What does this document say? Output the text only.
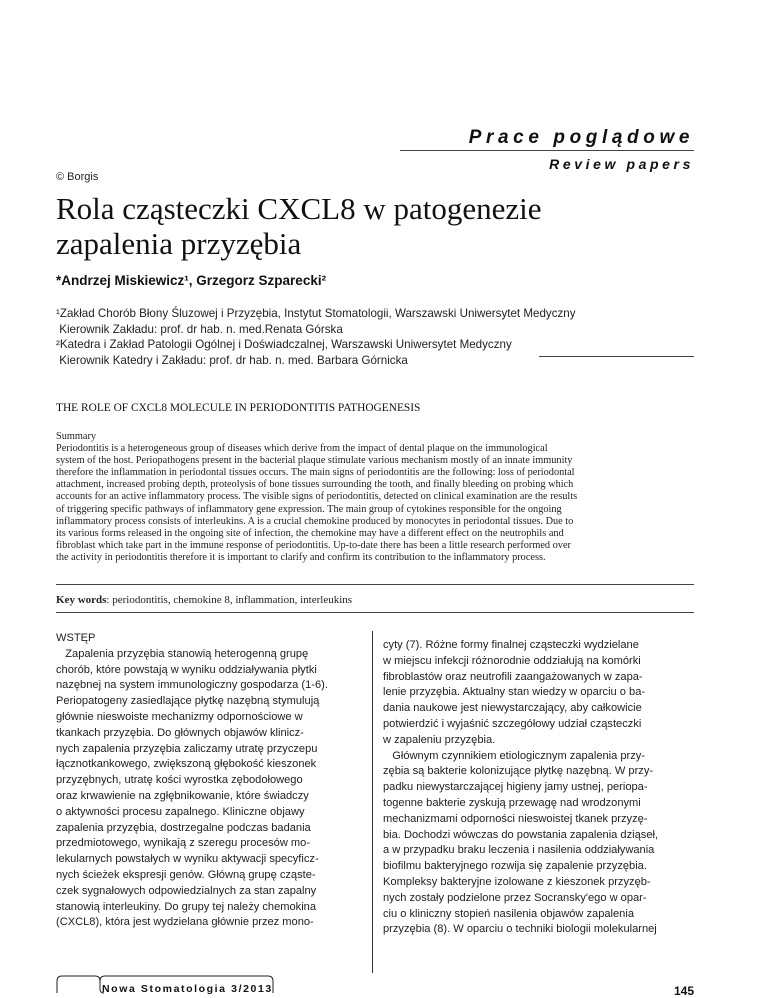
Prace poglądowe
Review papers
© Borgis
Rola cząsteczki CXCL8 w patogenezie
zapalenia przyzębia
*Andrzej Miskiewicz¹, Grzegorz Szparecki²
¹Zakład Chorób Błony Śluzowej i Przyzębia, Instytut Stomatologii, Warszawski Uniwersytet Medyczny
Kierownik Zakładu: prof. dr hab. n. med.Renata Górska
²Katedra i Zakład Patologii Ogólnej i Doświadczalnej, Warszawski Uniwersytet Medyczny
Kierownik Katedry i Zakładu: prof. dr hab. n. med. Barbara Górnicka
THE ROLE OF CXCL8 MOLECULE IN PERIODONTITIS PATHOGENESIS
Summary
Periodontitis is a heterogeneous group of diseases which derive from the impact of dental plaque on the immunological
system of the host. Periopathogens present in the bacterial plaque stimulate various mechanism mostly of an innate immunity
therefore the inflammation in periodontal tissues occurs. The main signs of periodontitis are the following: loss of periodontal
attachment, increased probing depth, proteolysis of bone tissues surrounding the tooth, and finally bleeding on probing which
accounts for an active inflammatory process. The visible signs of periodontitis, detected on clinical examination are the results
of triggering specific pathways of inflammatory gene expression. The main group of cytokines responsible for the ongoing
inflammatory process consists of interleukins. A is a crucial chemokine produced by monocytes in periodontal tissues. Due to
its various forms released in the ongoing site of infection, the chemokine may have a different effect on the neutrophils and
fibroblast which take part in the immune response of periodontitis. Up-to-date there has been a little research performed over
the activity in periodontitis therefore it is important to clarify and confirm its contribution to the inflammatory process.
Key words: periodontitis, chemokine 8, inflammation, interleukins
WSTĘP
Zapalenia przyzębia stanowią heterogenną grupę
chorób, które powstają w wyniku oddziaływania płytki
nazębnej na system immunologiczny gospodarza (1-6).
Periopatogeny zasiedlające płytkę nazębną stymulują
głównie nieswoiste mechanizmy odpornościowe w
tkankach przyzębia. Do głównych objawów klinicz-
nych zapalenia przyzębia zaliczamy utratę przyczepu
łącznotkankowego, zwiększoną głębokość kieszonek
przyzębnych, utratę kości wyrostka zębodołowego
oraz krwawienie na zgłębnikowanie, które świadczy
o aktywności procesu zapalnego. Kliniczne objawy
zapalenia przyzębia, dostrzegalne podczas badania
przedmiotowego, wynikają z szeregu procesów mo-
lekularnych powstałych w wyniku aktywacji specyficz-
nych ścieżek ekspresji genów. Główną grupę cząste-
czek sygnałowych odpowiedzialnych za stan zapalny
stanowią interleukiny. Do grupy tej należy chemokina
(CXCL8), która jest wydzielana głównie przez mono-
cyty (7). Różne formy finalnej cząsteczki wydzielane
w miejscu infekcji różnorodnie oddziałują na komórki
fibroblastów oraz neutrofili zaangażowanych w zapa-
lenie przyzębia. Aktualny stan wiedzy w oparciu o ba-
dania naukowe jest niewystarczający, aby całkowicie
potwierdzić i wyjaśnić szczegółowy udział cząsteczki
w zapaleniu przyzębia.
Głównym czynnikiem etiologicznym zapalenia przy-
zębia są bakterie kolonizujące płytkę nazębną. W przy-
padku niewystarczającej higieny jamy ustnej, periopa-
togenne bakterie zyskują przewagę nad wrodzonymi
mechanizmami odporności nieswoistej tkanek przyzę-
bia. Dochodzi wówczas do powstania zapalenia dziąseł,
a w przypadku braku leczenia i nasilenia oddziaływania
biofilmu bakteryjnego rozwija się zapalenie przyzębia.
Kompleksy bakteryjne izolowane z kieszonek przyzęb-
nych zostały podzielone przez Socransky'ego w opar-
ciu o kliniczny stopień nasilenia objawów zapalenia
przyzębia (8). W oparciu o techniki biologii molekularnej
Nowa Stomatologia 3/2013	145
